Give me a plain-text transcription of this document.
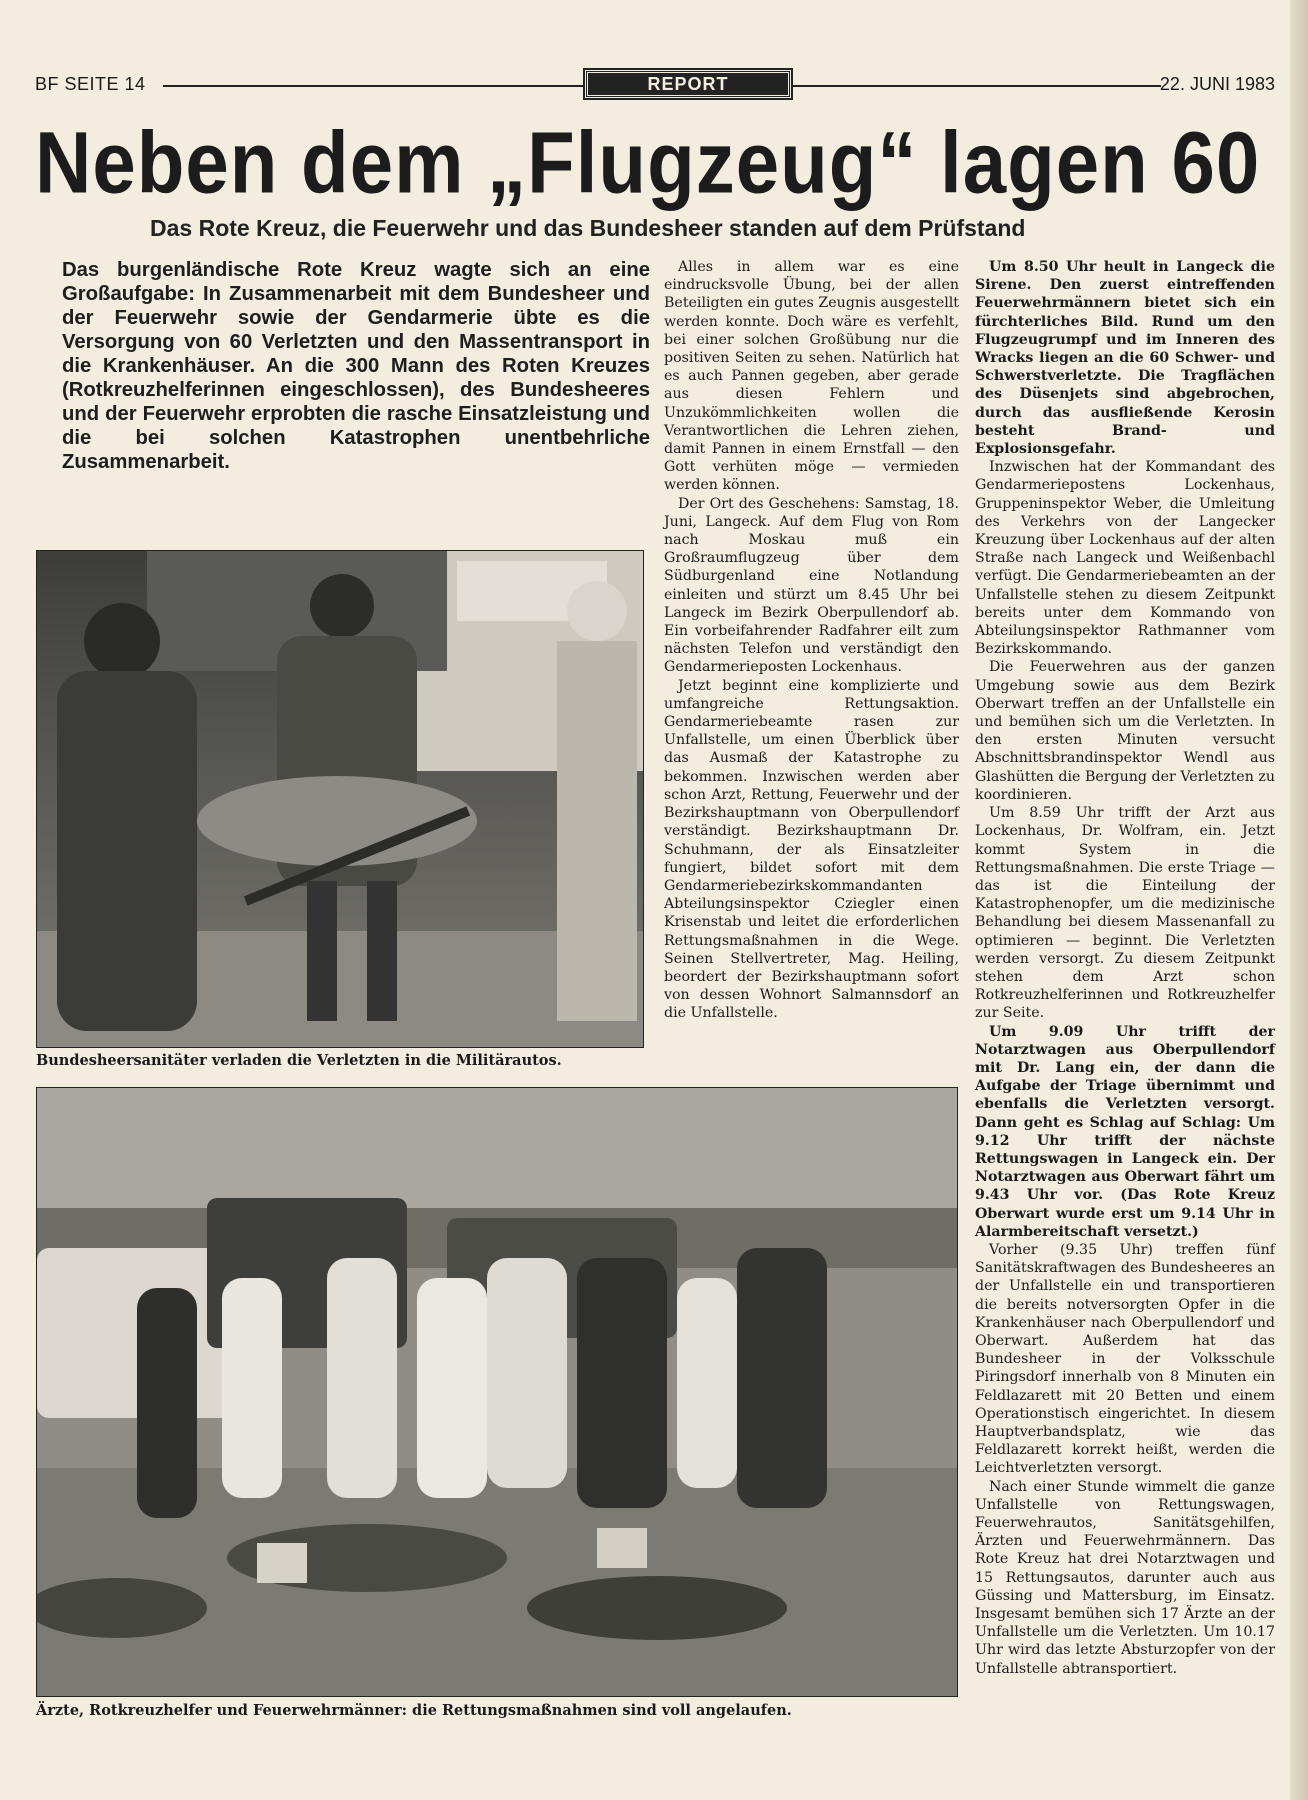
BF SEITE 14	REPORT	22. JUNI 1983
Neben dem „Flugzeug“ lagen 60
Das Rote Kreuz, die Feuerwehr und das Bundesheer standen auf dem Prüfstand
Das burgenländische Rote Kreuz wagte sich an eine Großaufgabe: In Zusammenarbeit mit dem Bundesheer und der Feuerwehr sowie der Gendarmerie übte es die Versorgung von 60 Verletzten und den Massentransport in die Krankenhäuser. An die 300 Mann des Roten Kreuzes (Rotkreuzhelferinnen eingeschlossen), des Bundesheeres und der Feuerwehr erprobten die rasche Einsatzleistung und die bei solchen Katastrophen unentbehrliche Zusammenarbeit.
Bundesheersanitäter verladen die Verletzten in die Militärautos.
Ärzte, Rotkreuzhelfer und Feuerwehrmänner: die Rettungsmaßnahmen sind voll angelaufen.

Alles in allem war es eine eindrucksvolle Übung, bei der allen Beteiligten ein gutes Zeugnis ausgestellt werden konnte. Doch wäre es verfehlt, bei einer solchen Großübung nur die positiven Seiten zu sehen. Natürlich hat es auch Pannen gegeben, aber gerade aus diesen Fehlern und Unzukömmlichkeiten wollen die Verantwortlichen die Lehren ziehen, damit Pannen in einem Ernstfall — den Gott verhüten möge — vermieden werden können.

Der Ort des Geschehens: Samstag, 18. Juni, Langeck. Auf dem Flug von Rom nach Moskau muß ein Großraumflugzeug über dem Südburgenland eine Notlandung einleiten und stürzt um 8.45 Uhr bei Langeck im Bezirk Oberpullendorf ab. Ein vorbeifahrender Radfahrer eilt zum nächsten Telefon und verständigt den Gendarmerieposten Lockenhaus.

Jetzt beginnt eine komplizierte und umfangreiche Rettungsaktion. Gendarmeriebeamte rasen zur Unfallstelle, um einen Überblick über das Ausmaß der Katastrophe zu bekommen. Inzwischen werden aber schon Arzt, Rettung, Feuerwehr und der Bezirkshauptmann von Oberpullendorf verständigt. Bezirkshauptmann Dr. Schuhmann, der als Einsatzleiter fungiert, bildet sofort mit dem Gendarmeriebezirkskommandanten Abteilungsinspektor Cziegler einen Krisenstab und leitet die erforderlichen Rettungsmaßnahmen in die Wege. Seinen Stellvertreter, Mag. Heiling, beordert der Bezirkshauptmann sofort von dessen Wohnort Salmannsdorf an die Unfallstelle.

Um 8.50 Uhr heult in Langeck die Sirene. Den zuerst eintreffenden Feuerwehrmännern bietet sich ein fürchterliches Bild. Rund um den Flugzeugrumpf und im Inneren des Wracks liegen an die 60 Schwer- und Schwerstverletzte. Die Tragflächen des Düsenjets sind abgebrochen, durch das ausfließende Kerosin besteht Brand- und Explosionsgefahr.

Inzwischen hat der Kommandant des Gendarmeriepostens Lockenhaus, Gruppeninspektor Weber, die Umleitung des Verkehrs von der Langecker Kreuzung über Lockenhaus auf der alten Straße nach Langeck und Weißenbachl verfügt. Die Gendarmeriebeamten an der Unfallstelle stehen zu diesem Zeitpunkt bereits unter dem Kommando von Abteilungsinspektor Rathmanner vom Bezirkskommando.

Die Feuerwehren aus der ganzen Umgebung sowie aus dem Bezirk Oberwart treffen an der Unfallstelle ein und bemühen sich um die Verletzten. In den ersten Minuten versucht Abschnittsbrandinspektor Wendl aus Glashütten die Bergung der Verletzten zu koordinieren.

Um 8.59 Uhr trifft der Arzt aus Lockenhaus, Dr. Wolfram, ein. Jetzt kommt System in die Rettungsmaßnahmen. Die erste Triage — das ist die Einteilung der Katastrophenopfer, um die medizinische Behandlung bei diesem Massenanfall zu optimieren — beginnt. Die Verletzten werden versorgt. Zu diesem Zeitpunkt stehen dem Arzt schon Rotkreuzhelferinnen und Rotkreuzhelfer zur Seite.

Um 9.09 Uhr trifft der Notarztwagen aus Oberpullendorf mit Dr. Lang ein, der dann die Aufgabe der Triage übernimmt und ebenfalls die Verletzten versorgt. Dann geht es Schlag auf Schlag: Um 9.12 Uhr trifft der nächste Rettungswagen in Langeck ein. Der Notarztwagen aus Oberwart fährt um 9.43 Uhr vor. (Das Rote Kreuz Oberwart wurde erst um 9.14 Uhr in Alarmbereitschaft versetzt.)

Vorher (9.35 Uhr) treffen fünf Sanitätskraftwagen des Bundesheeres an der Unfallstelle ein und transportieren die bereits notversorgten Opfer in die Krankenhäuser nach Oberpullendorf und Oberwart. Außerdem hat das Bundesheer in der Volksschule Piringsdorf innerhalb von 8 Minuten ein Feldlazarett mit 20 Betten und einem Operationstisch eingerichtet. In diesem Hauptverbandsplatz, wie das Feldlazarett korrekt heißt, werden die Leichtverletzten versorgt.

Nach einer Stunde wimmelt die ganze Unfallstelle von Rettungswagen, Feuerwehrautos, Sanitätsgehilfen, Ärzten und Feuerwehrmännern. Das Rote Kreuz hat drei Notarztwagen und 15 Rettungsautos, darunter auch aus Güssing und Mattersburg, im Einsatz. Insgesamt bemühen sich 17 Ärzte an der Unfallstelle um die Verletzten. Um 10.17 Uhr wird das letzte Absturzopfer von der Unfallstelle abtransportiert.
